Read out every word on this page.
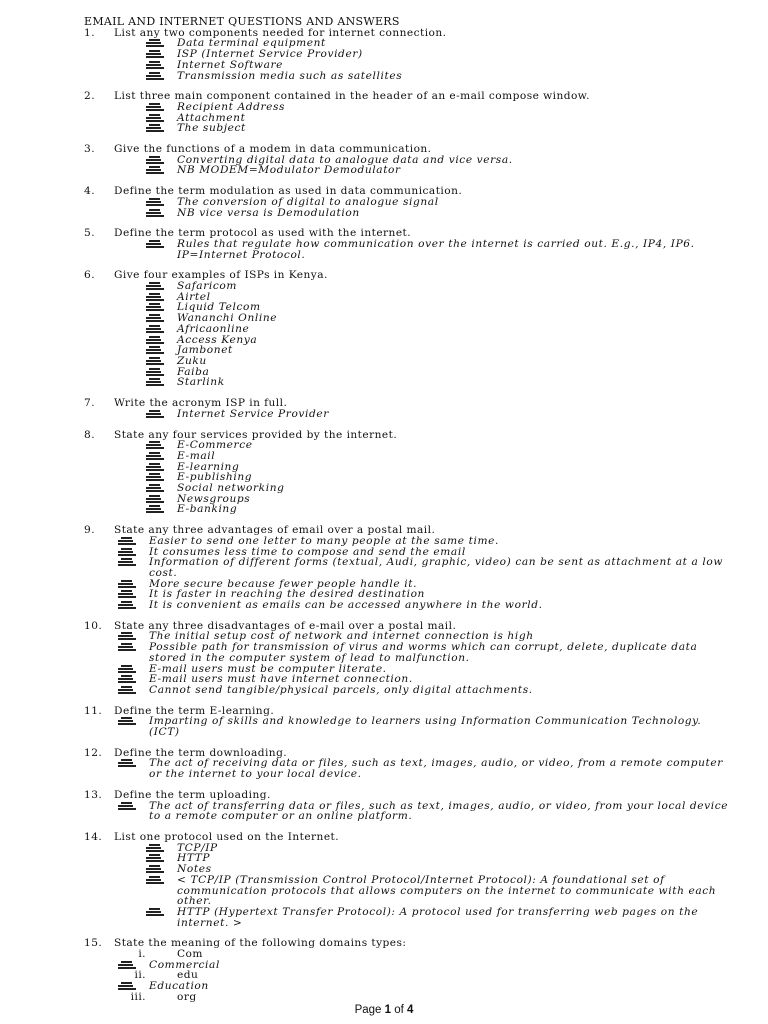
EMAIL AND INTERNET QUESTIONS AND ANSWERS

1.	List any two components needed for internet connection.
Data terminal equipment
ISP (Internet Service Provider)
Internet Software
Transmission media such as satellites
2.	List three main component contained in the header of an e-mail compose window.
Recipient Address
Attachment
The subject
3.	Give the functions of a modem in data communication.
Converting digital data to analogue data and vice versa.
NB MODEM=Modulator Demodulator
4.	Define the term modulation as used in data communication.
The conversion of digital to analogue signal
NB vice versa is Demodulation
5.	Define the term protocol as used with the internet.
Rules that regulate how communication over the internet is carried out. E.g., IP4, IP6. IP=Internet Protocol.
6.	Give four examples of ISPs in Kenya.
Safaricom
Airtel
Liquid Telcom
Wananchi Online
Africaonline
Access Kenya
Jambonet
Zuku
Faiba
Starlink
7.	Write the acronym ISP in full.
Internet Service Provider
8.	State any four services provided by the internet.
E-Commerce
E-mail
E-learning
E-publishing
Social networking
Newsgroups
E-banking
9.	State any three advantages of email over a postal mail.
Easier to send one letter to many people at the same time.
It consumes less time to compose and send the email
Information of different forms (textual, Audi, graphic, video) can be sent as attachment at a low cost.
More secure because fewer people handle it.
It is faster in reaching the desired destination
It is convenient as emails can be accessed anywhere in the world.
10.	State any three disadvantages of e-mail over a postal mail.
The initial setup cost of network and internet connection is high
Possible path for transmission of virus and worms which can corrupt, delete, duplicate data stored in the computer system of lead to malfunction.
E-mail users must be computer literate.
E-mail users must have internet connection.
Cannot send tangible/physical parcels, only digital attachments.
11.	Define the term E-learning.
Imparting of skills and knowledge to learners using Information Communication Technology. (ICT)
12.	Define the term downloading.
The act of receiving data or files, such as text, images, audio, or video, from a remote computer or the internet to your local device.
13.	Define the term uploading.
The act of transferring data or files, such as text, images, audio, or video, from your local device to a remote computer or an online platform.
14.	List one protocol used on the Internet.
TCP/IP
HTTP
Notes
< TCP/IP (Transmission Control Protocol/Internet Protocol): A foundational set of communication protocols that allows computers on the internet to communicate with each other.
HTTP (Hypertext Transfer Protocol): A protocol used for transferring web pages on the internet. >
15.	State the meaning of the following domains types:
i.	Com
Commercial
ii.	edu
Education
iii.	org
Page 1 of 4
